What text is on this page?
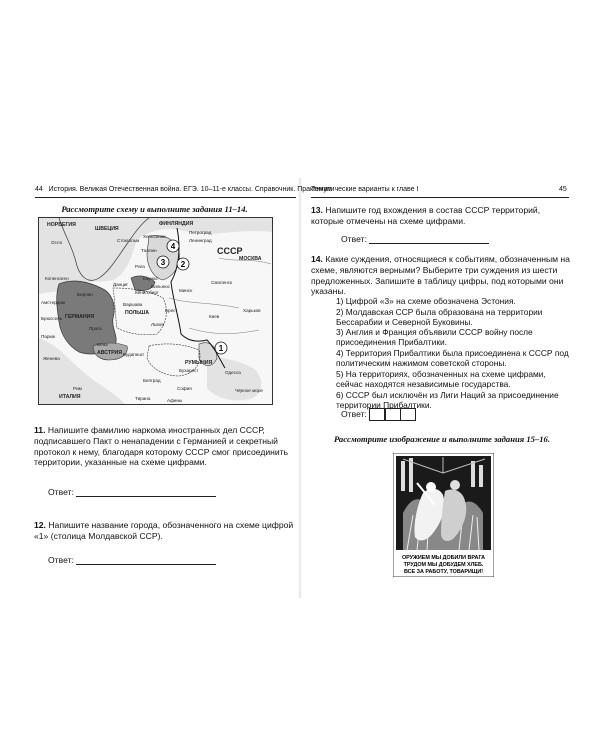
44 История. Великая Отечественная война. ЕГЭ. 10–11-е классы. Справочник. Практикум
Рассмотрите схему и выполните задания 11–14.
4
3 2
1
НОРВЕГИЯ
ШВЕЦИЯ
ФИНЛЯНДИЯ
Хельсинки
Петроград
Ленинград
Таллин	СССР
МОСКВА
Рига
Каунас
Вильнюс
Минск
Смоленск
Брест
Киев
Харьков
Львов
Варшава
ПОЛЬША
Берлин
ГЕРМАНИЯ
Копенгаген
Данциг
Кёнигсберг
Прага
Вена
АВСТРИЯ Будапешт
Бухарест
РУМЫНИЯ
Одесса
Белград
София
Рим
ИТАЛИЯ
Чёрное море
Стокгольм
Осло
Париж
Амстердам
Брюссель
Женева
Тирана	Афины

11. Напишите фамилию наркома иностранных дел СССР, подписавшего Пакт о ненападении с Германией и секретный протокол к нему, благодаря которому СССР смог присоединить территории, указанные на схеме цифрами.

Ответ:

12. Напишите название города, обозначенного на схеме цифрой «1» (столица Молдавской ССР).

Ответ:
Тематические варианты к главе I	45

13. Напишите год вхождения в состав СССР территорий, которые отмечены на схеме цифрами.

Ответ:

14. Какие суждения, относящиеся к событиям, обозначенным на схеме, являются верными? Выберите три суждения из шести предложенных. Запишите в таблицу цифры, под которыми они указаны.

1) Цифрой «3» на схеме обозначена Эстония.
2) Молдавская ССР была образована на территории Бессарабии и Северной Буковины.
3) Англия и Франция объявили СССР войну после присоединения Прибалтики.
4) Территория Прибалтики была присоединена к СССР под политическим нажимом советской стороны.
5) На территориях, обозначенных на схеме цифрами, сейчас находятся независимые государства.
6) СССР был исключён из Лиги Наций за присоединение территории Прибалтики.
Ответ:
Рассмотрите изображение и выполните задания 15–16.
ОРУЖИЕМ МЫ ДОБИЛИ ВРАГА
ТРУДОМ МЫ ДОБУДЕМ ХЛЕБ.
ВСЕ ЗА РАБОТУ, ТОВАРИЩИ!
